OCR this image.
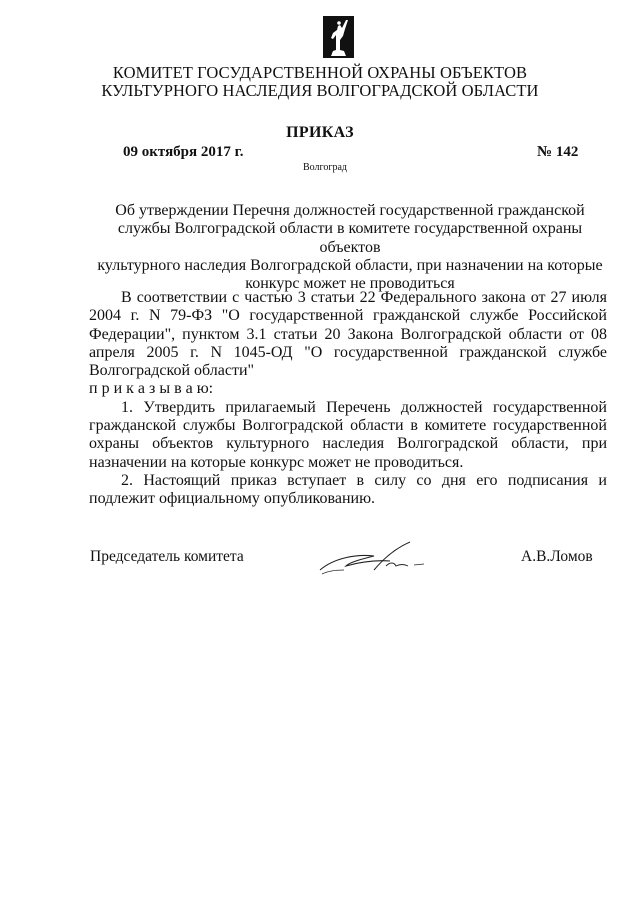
КОМИТЕТ ГОСУДАРСТВЕННОЙ ОХРАНЫ ОБЪЕКТОВ
КУЛЬТУРНОГО НАСЛЕДИЯ ВОЛГОГРАДСКОЙ ОБЛАСТИ
ПРИКАЗ
09 октября 2017 г.	№ 142
Волгоград
Об утверждении Перечня должностей государственной гражданской
службы Волгоградской области в комитете государственной охраны объектов
культурного наследия Волгоградской области, при назначении на которые
конкурс может не проводиться

В соответствии с частью 3 статьи 22 Федерального закона от 27 июля 2004 г. N 79-ФЗ "О государственной гражданской службе Российской Федерации", пунктом 3.1 статьи 20 Закона Волгоградской области от 08 апреля 2005 г. N 1045-ОД "О государственной гражданской службе Волгоградской области"

п р и к а з ы в а ю:

1. Утвердить прилагаемый Перечень должностей государственной гражданской службы Волгоградской области в комитете государственной охраны объектов культурного наследия Волгоградской области, при назначении на которые конкурс может не проводиться.

2. Настоящий приказ вступает в силу со дня его подписания и подлежит официальному опубликованию.

Председатель комитета	А.В.Ломов
